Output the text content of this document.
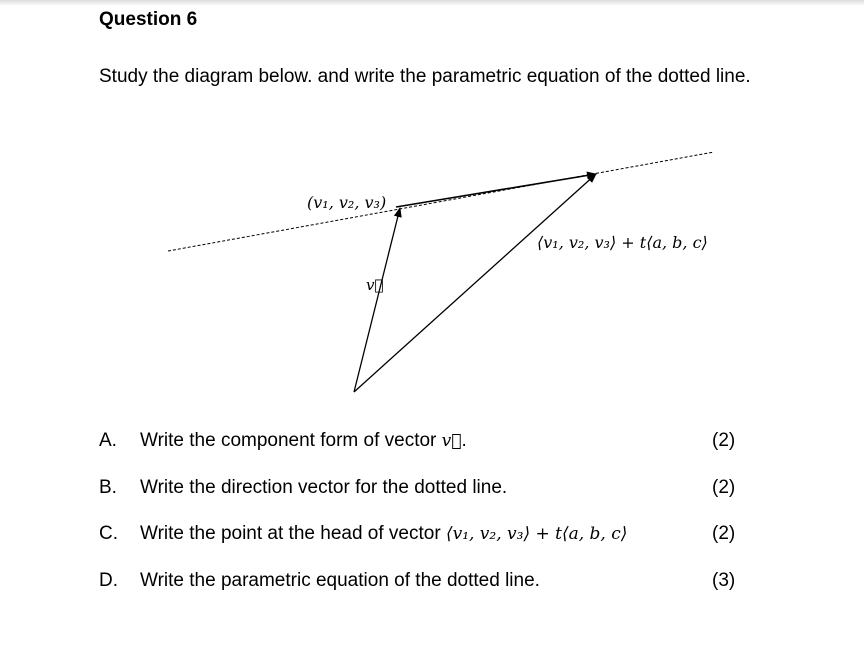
Question 6
Study the diagram below. and write the parametric equation of the dotted line.
(v₁, v₂, v₃)
v⃗
⟨v₁, v₂, v₃⟩ + t⟨a, b, c⟩
A. Write the component form of vector v⃗.	(2)
B. Write the direction vector for the dotted line.	(2)
C. Write the point at the head of vector ⟨v₁, v₂, v₃⟩ + t⟨a, b, c⟩	(2)
D. Write the parametric equation of the dotted line.	(3)
